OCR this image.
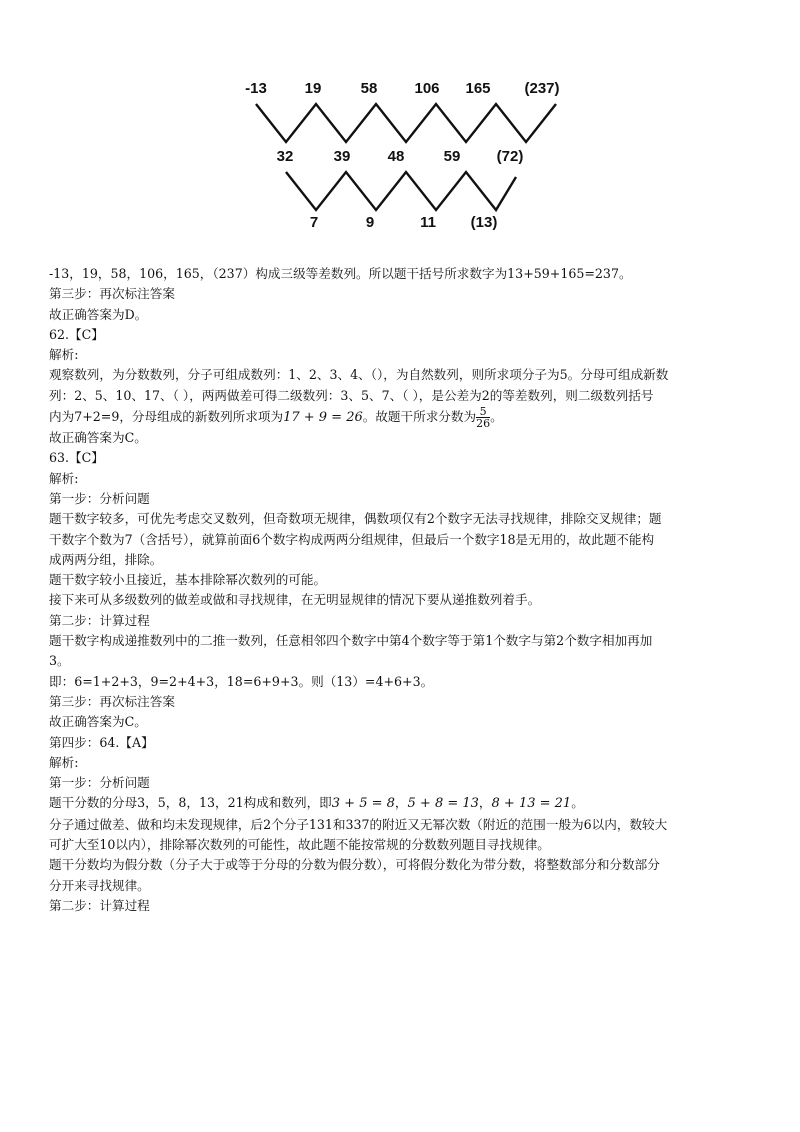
-13	19	58 106 165 (237)
32	39 48	59 (72)
7	9	11 (13)
-13，19，58，106，165，（237）构成三级等差数列。所以题干括号所求数字为13+59+165=237。
第三步：再次标注答案
故正确答案为D。
62.【C】
解析:
观察数列，为分数数列，分子可组成数列：1、2、3、4、（），为自然数列，则所求项分子为5。分母可组成新数
列：2、5、10、17、（ ），两两做差可得二级数列：3、5、7、（ ），是公差为2的等差数列，则二级数列括号
内为7+2=9，分母组成的新数列所求项为17 + 9 = 26。故题干所求分数为 $\frac{5}{26}$ 。
故正确答案为C。
63.【C】
解析:
第一步：分析问题
题干数字较多，可优先考虑交叉数列，但奇数项无规律，偶数项仅有2个数字无法寻找规律，排除交叉规律；题
干数字个数为7（含括号），就算前面6个数字构成两两分组规律，但最后一个数字18是无用的，故此题不能构
成两两分组，排除。
题干数字较小且接近，基本排除幂次数列的可能。
接下来可从多级数列的做差或做和寻找规律，在无明显规律的情况下要从递推数列着手。
第二步：计算过程
题干数字构成递推数列中的二推一数列，任意相邻四个数字中第4个数字等于第1个数字与第2个数字相加再加
3。
即：6=1+2+3，9=2+4+3，18=6+9+3。则（13）=4+6+3。
第三步：再次标注答案
故正确答案为C。
第四步：64.【A】
解析:
第一步：分析问题
题干分数的分母3，5，8，13，21构成和数列，即3 + 5 = 8，5 + 8 = 13，8 + 13 = 21。
分子通过做差、做和均未发现规律，后2个分子131和337的附近又无幂次数（附近的范围一般为6以内，数较大
可扩大至10以内），排除幂次数列的可能性，故此题不能按常规的分数数列题目寻找规律。
题干分数均为假分数（分子大于或等于分母的分数为假分数），可将假分数化为带分数，将整数部分和分数部分
分开来寻找规律。
第二步：计算过程
